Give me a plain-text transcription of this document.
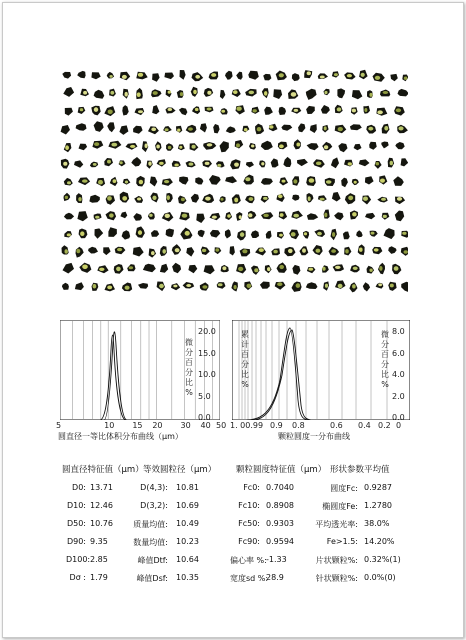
微
分
百
分
比
%
20.0
15.0
10.0
5.0
0.0
5	10 15 20 30 40 50
圆直径一等比体积分布曲线（μm）
累
计
百
分
比
%
微
分
百
分
比
%
8.0
6.0
4.0
2.0
0.0
1. 00.99 0.9 0.8	0.6 0.4 0.2 0
颗粒圆度一分布曲线
圆直径特征值（μm） 等效圆粒径（μm） 颗粒圆度特征值（μm） 形状参数平均值
D0: 13.71
D10: 12.46
D50: 10.76
D90: 9.35
D100: 2.85
Dσ : 1.79
D(4,3): 10.81
D(3,2): 10.69
质量均值: 10.49
数量均值: 10.23
峰值Dtf: 10.64
峰值Dsf: 10.35
Fc0: 0.7040
Fc10: 0.8908
Fc50: 0.9303
Fc90: 0.9594
偏心率 %: -1.33
宽度sd %:
28.9
圆度Fc: 0.9287
椭圆度Fe: 1.2780
平均透光率: 38.0%
Fe>1.5: 14.20%
片状颗粒%: 0.32%(1)
针状颗粒%: 0.0%(0)
